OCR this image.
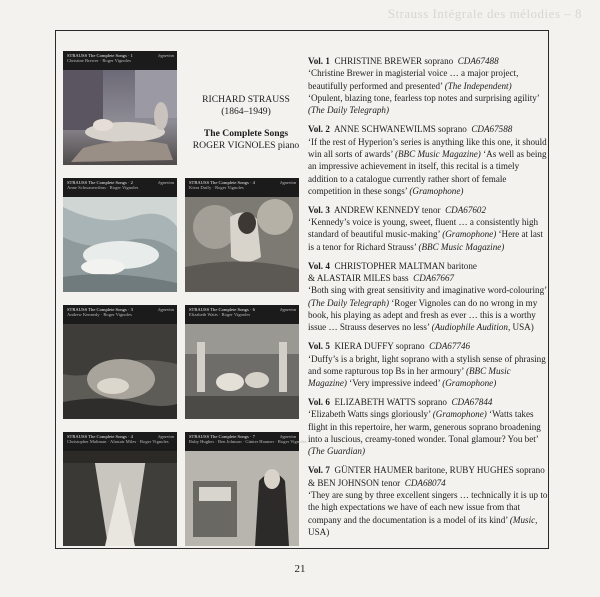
Strauss Intégrale des mélodies – 8
STRAUSS The Complete Songs · 1
Christine Brewer · Roger Vignoles
hyperion
STRAUSS The Complete Songs · 2
Anne Schwanewilms · Roger Vignoles
hyperion	STRAUSS The Complete Songs · 4
Kiera Duffy · Roger Vignoles
hyperion
STRAUSS The Complete Songs · 3
Andrew Kennedy · Roger Vignoles
hyperion	STRAUSS The Complete Songs · 6
Elizabeth Watts · Roger Vignoles
hyperion
STRAUSS The Complete Songs · 4
Christopher Maltman · Alastair Miles · Roger Vignoles
hyperion	STRAUSS The Complete Songs · 7
Ruby Hughes · Ben Johnson · Günter Haumer · Roger Vignoles
hyperion
RICHARD STRAUSS
(1864–1949)
The Complete Songs
ROGER VIGNOLES piano
Vol. 1 CHRISTINE BREWER soprano CDA67488
‘Christine Brewer in magisterial voice … a major project, beautifully performed and presented’ (The Independent) ‘Opulent, blazing tone, fearless top notes and surprising agility’ (The Daily Telegraph)
Vol. 2 ANNE SCHWANEWILMS soprano CDA67588
‘If the rest of Hyperion’s series is anything like this one, it should win all sorts of awards’ (BBC Music Magazine) ‘As well as being an impressive achievement in itself, this recital is a timely addition to a catalogue currently rather short of female competition in these songs’ (Gramophone)
Vol. 3 ANDREW KENNEDY tenor CDA67602
‘Kennedy’s voice is young, sweet, fluent … a consistently high standard of beautiful music-making’ (Gramophone) ‘Here at last is a tenor for Richard Strauss’ (BBC Music Magazine)
Vol. 4 CHRISTOPHER MALTMAN baritone
& ALASTAIR MILES bass CDA67667
‘Both sing with great sensitivity and imaginative word-colouring’ (The Daily Telegraph) ‘Roger Vignoles can do no wrong in my book, his playing as adept and fresh as ever … this is a worthy issue … Strauss deserves no less’ (Audiophile Audition, USA)
Vol. 5 KIERA DUFFY soprano CDA67746
‘Duffy’s is a bright, light soprano with a stylish sense of phrasing and some rapturous top Bs in her armoury’ (BBC Music Magazine) ‘Very impressive indeed’ (Gramophone)
Vol. 6 ELIZABETH WATTS soprano CDA67844
‘Elizabeth Watts sings gloriously’ (Gramophone) ‘Watts takes flight in this repertoire, her warm, generous soprano broadening into a luscious, creamy-toned wonder. Tonal glamour? You bet’ (The Guardian)
Vol. 7 GÜNTER HAUMER baritone, RUBY HUGHES soprano
& BEN JOHNSON tenor CDA68074
‘They are sung by three excellent singers … technically it is up to the high expectations we have of each new issue from that company and the documentation is a model of its kind’ (Music, USA)
21
